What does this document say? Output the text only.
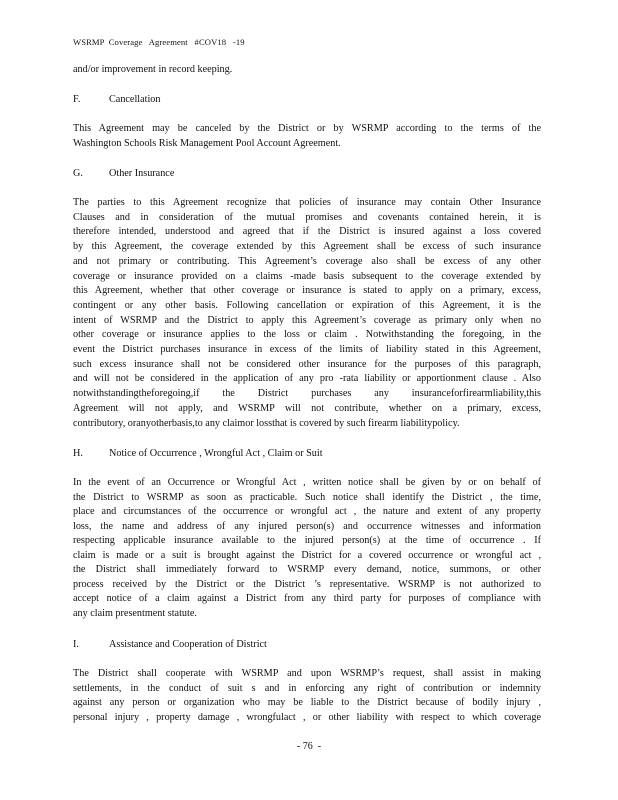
WSRMP  Coverage   Agreement   #COV18   -19
F.	Cancellation
G.	Other Insurance
H.	Notice of Occurrence , Wrongful Act , Claim or Suit
I.	Assistance and Cooperation of District
and/or improvement in record keeping.
This Agreement may be canceled by the District or by WSRMP according to the terms of the
Washington Schools Risk Management Pool Account Agreement.
The parties to this Agreement recognize that policies of insurance may contain Other Insurance
Clauses and in consideration of the mutual promises and covenants contained herein, it is
therefore intended, understood and agreed that if the District is insured against a loss covered
by this Agreement, the coverage extended by this Agreement shall be excess of such insurance
and not primary or contributing. This Agreement’s coverage also shall be excess of any other
coverage or insurance provided on a claims -made basis subsequent to the coverage extended by
this Agreement, whether that other coverage or insurance is stated to apply on a primary, excess,
contingent or any other basis. Following cancellation or expiration of this Agreement, it is the
intent of WSRMP and the District to apply this Agreement’s coverage as primary only when no
other coverage or insurance applies to the loss or claim . Notwithstanding the foregoing, in the
event the District purchases insurance in excess of the limits of liability stated in this Agreement,
such excess insurance shall not be considered other insurance for the purposes of this paragraph,
and will not be considered in the application of any pro -rata liability or apportionment clause . Also
notwithstandingtheforegoing,if the District purchases any insuranceforfirearmliability,this
Agreement will not apply, and WSRMP will not contribute, whether on a primary, excess,
contributory, oranyotherbasis,to any claimor lossthat is covered by such firearm liabilitypolicy.
In the event of an Occurrence or Wrongful Act , written notice shall be given by or on behalf of
the District to WSRMP as soon as practicable. Such notice shall identify the District , the time,
place and circumstances of the occurrence or wrongful act , the nature and extent of any property
loss, the name and address of any injured person(s) and occurrence witnesses and information
respecting applicable insurance available to the injured person(s) at the time of occurrence . If
claim is made or a suit is brought against the District for a covered occurrence or wrongful act ,
the District shall immediately forward to WSRMP every demand, notice, summons, or other
process received by the District or the District ’s representative. WSRMP is not authorized to
accept notice of a claim against a District from any third party for purposes of compliance with
any claim presentment statute.
The District shall cooperate with WSRMP and upon WSRMP’s request, shall assist in making
settlements, in the conduct of suit s and in enforcing any right of contribution or indemnity
against any person or organization who may be liable to the District because of bodily injury ,
personal injury , property damage , wrongfulact , or other liability with respect to which coverage
- 76  -
